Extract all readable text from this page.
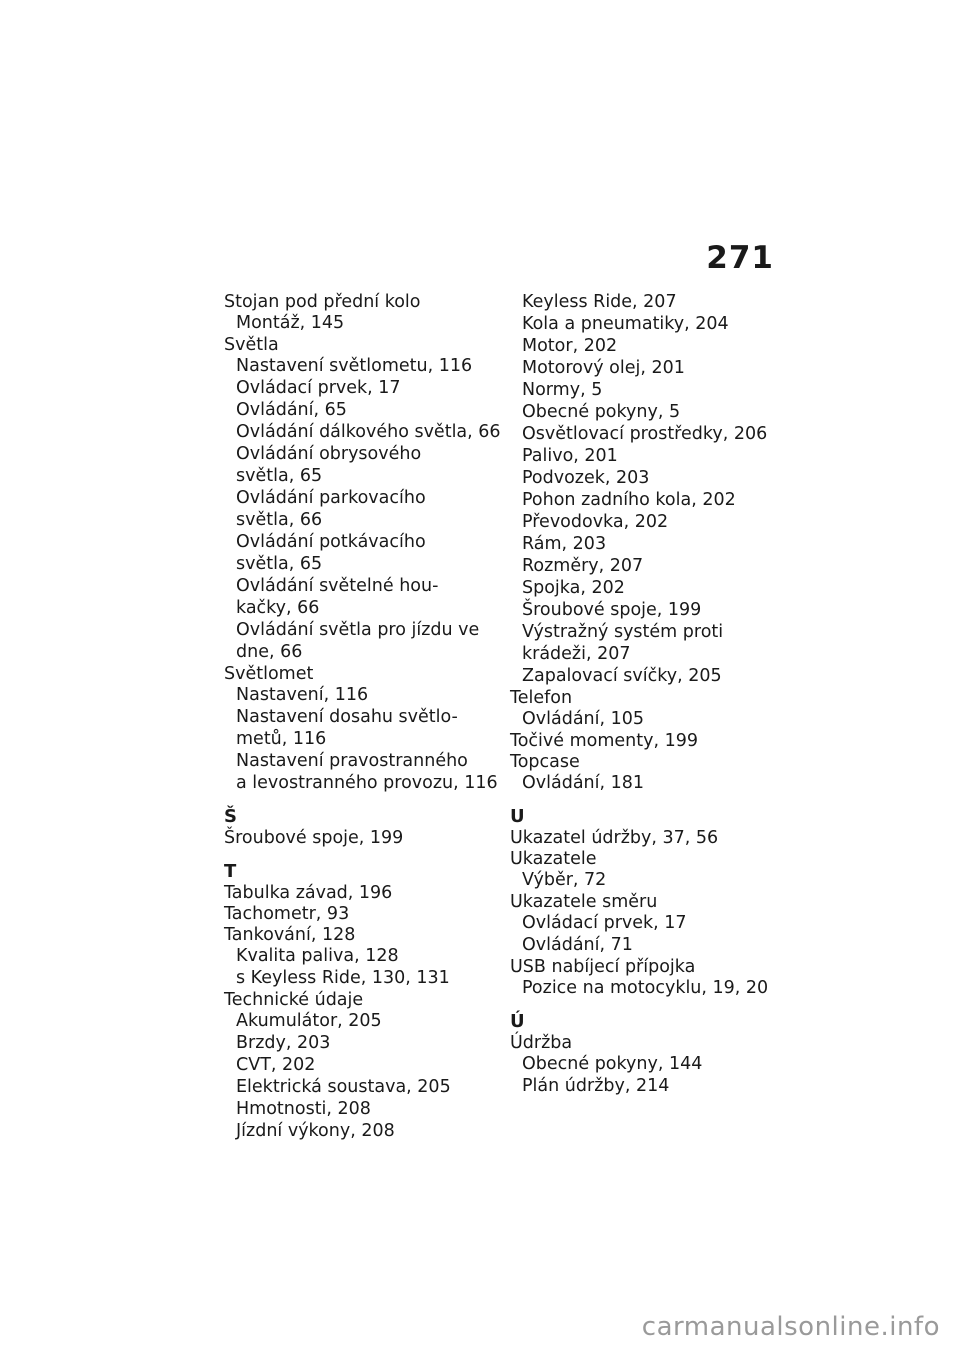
271
Stojan pod přední kolo
Montáž, 145
Světla
Nastavení světlometu, 116
Ovládací prvek, 17
Ovládání, 65
Ovládání dálkového světla, 66
Ovládání obrysového
světla, 65
Ovládání parkovacího
světla, 66
Ovládání potkávacího
světla, 65
Ovládání světelné hou-
kačky, 66
Ovládání světla pro jízdu ve
dne, 66
Světlomet
Nastavení, 116
Nastavení dosahu světlo-
metů, 116
Nastavení pravostranného
a levostranného provozu, 116
Š
Šroubové spoje, 199
T
Tabulka závad, 196
Tachometr, 93
Tankování, 128
Kvalita paliva, 128
s Keyless Ride, 130, 131
Technické údaje
Akumulátor, 205
Brzdy, 203
CVT, 202
Elektrická soustava, 205
Hmotnosti, 208
Jízdní výkony, 208
Keyless Ride, 207
Kola a pneumatiky, 204
Motor, 202
Motorový olej, 201
Normy, 5
Obecné pokyny, 5
Osvětlovací prostředky, 206
Palivo, 201
Podvozek, 203
Pohon zadního kola, 202
Převodovka, 202
Rám, 203
Rozměry, 207
Spojka, 202
Šroubové spoje, 199
Výstražný systém proti
krádeži, 207
Zapalovací svíčky, 205
Telefon
Ovládání, 105
Točivé momenty, 199
Topcase
Ovládání, 181
U
Ukazatel údržby, 37, 56
Ukazatele
Výběr, 72
Ukazatele směru
Ovládací prvek, 17
Ovládání, 71
USB nabíjecí přípojka
Pozice na motocyklu, 19, 20
Ú
Údržba
Obecné pokyny, 144
Plán údržby, 214
carmanualsonline.info
